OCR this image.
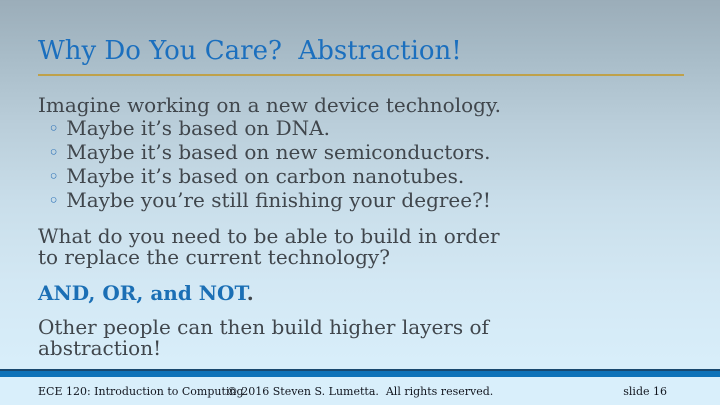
Why Do You Care?  Abstraction!
Imagine working on a new device technology.
◦ Maybe it’s based on DNA.
◦ Maybe it’s based on new semiconductors.
◦ Maybe it’s based on carbon nanotubes.
◦ Maybe you’re still finishing your degree?!
What do you need to be able to build in order
to replace the current technology?
AND, OR, and NOT.
Other people can then build higher layers of
abstraction!
ECE 120: Introduction to Computing
© 2016 Steven S. Lumetta.  All rights reserved.	slide 16
